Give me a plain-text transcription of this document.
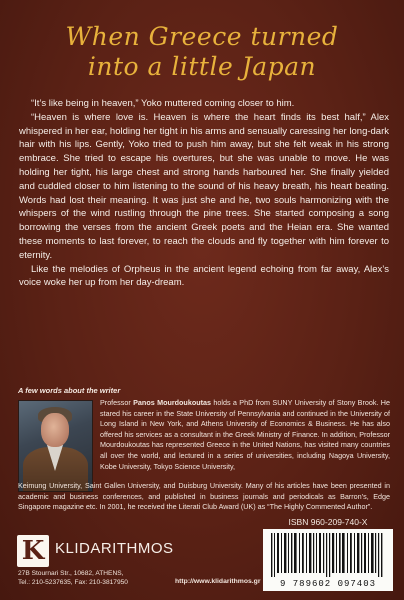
When Greece turned
into a little Japan

“It’s like being in heaven,” Yoko muttered coming closer to him.

“Heaven is where love is. Heaven is where the heart finds its best half,” Alex whispered in her ear, holding her tight in his arms and sensually caressing her long-dark hair with his lips. Gently, Yoko tried to push him away, but she felt weak in his strong embrace. She tried to escape his overtures, but she was unable to move. He was holding her tight, his large chest and strong hands harboured her. She finally yielded and cuddled closer to him listening to the sound of his heavy breath, his heart beating. Words had lost their meaning. It was just she and he, two souls harmonizing with the whispers of the wind rustling through the pine trees. She started composing a song borrowing the verses from the ancient Greek poets and the Heian era. She wanted these moments to last forever, to reach the clouds and fly together with him forever to eternity.

Like the melodies of Orpheus in the ancient legend echoing from far away, Alex’s voice woke her up from her day-dream.

A few words about the writer
Professor Panos Mourdoukoutas holds a PhD from SUNY University of Stony Brook. He stared his career in the State University of Pennsylvania and continued in the University of Long Island in New York, and Athens University of Economics & Business. He has also offered his services as a consultant in the Greek Ministry of Finance. In addition, Professor Mourdoukoutas has represented Greece in the United Nations, has visited many countries all over the world, and lectured in a series of universities, including Nagoya University, Kobe University, Tokyo Science University,
Keimung University, Saint Gallen University, and Duisburg University. Many of his articles have been presented in academic and business conferences, and published in business journals and periodicals as Barron’s, Edge Singapore magazine etc. In 2001, he received the Literati Club Award (UK) as “The Highly Commented Author”.
ISBN 960-209-740-X
9 789602 097403
K KLIDARITHMOS
27B Stournari Str., 10682, ATHENS,
Tel.: 210-5237635, Fax: 210-3817950	http://www.klidarithmos.gr
